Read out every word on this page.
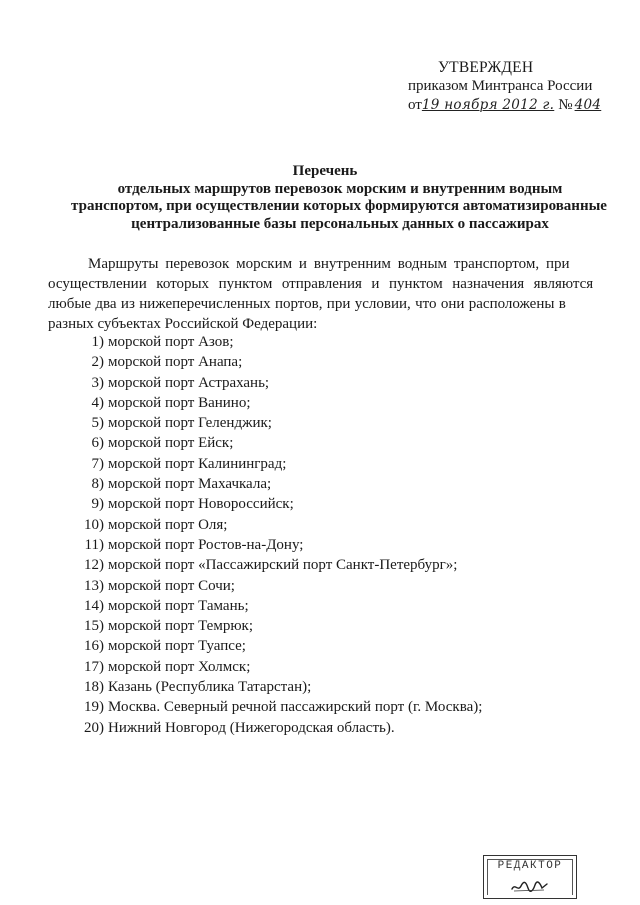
УТВЕРЖДЕН
приказом Минтранса России
от19 ноября 2012 г. № 404
Перечень
отдельных маршрутов перевозок морским и внутренним водным
транспортом, при осуществлении которых формируются автоматизированные
централизованные базы персональных данных о пассажирах
Маршруты перевозок морским и внутренним водным транспортом, при
осуществлении которых пунктом отправления и пунктом назначения являются
любые два из нижеперечисленных портов, при условии, что они расположены в
разных субъектах Российской Федерации:
1) морской порт Азов;
2) морской порт Анапа;
3) морской порт Астрахань;
4) морской порт Ванино;
5) морской порт Геленджик;
6) морской порт Ейск;
7) морской порт Калининград;
8) морской порт Махачкала;
9) морской порт Новороссийск;
10) морской порт Оля;
11) морской порт Ростов-на-Дону;
12) морской порт «Пассажирский порт Санкт-Петербург»;
13) морской порт Сочи;
14) морской порт Тамань;
15) морской порт Темрюк;
16) морской порт Туапсе;
17) морской порт Холмск;
18) Казань (Республика Татарстан);
19) Москва. Северный речной пассажирский порт (г. Москва);
20) Нижний Новгород (Нижегородская область).
РЕДАКТОР
